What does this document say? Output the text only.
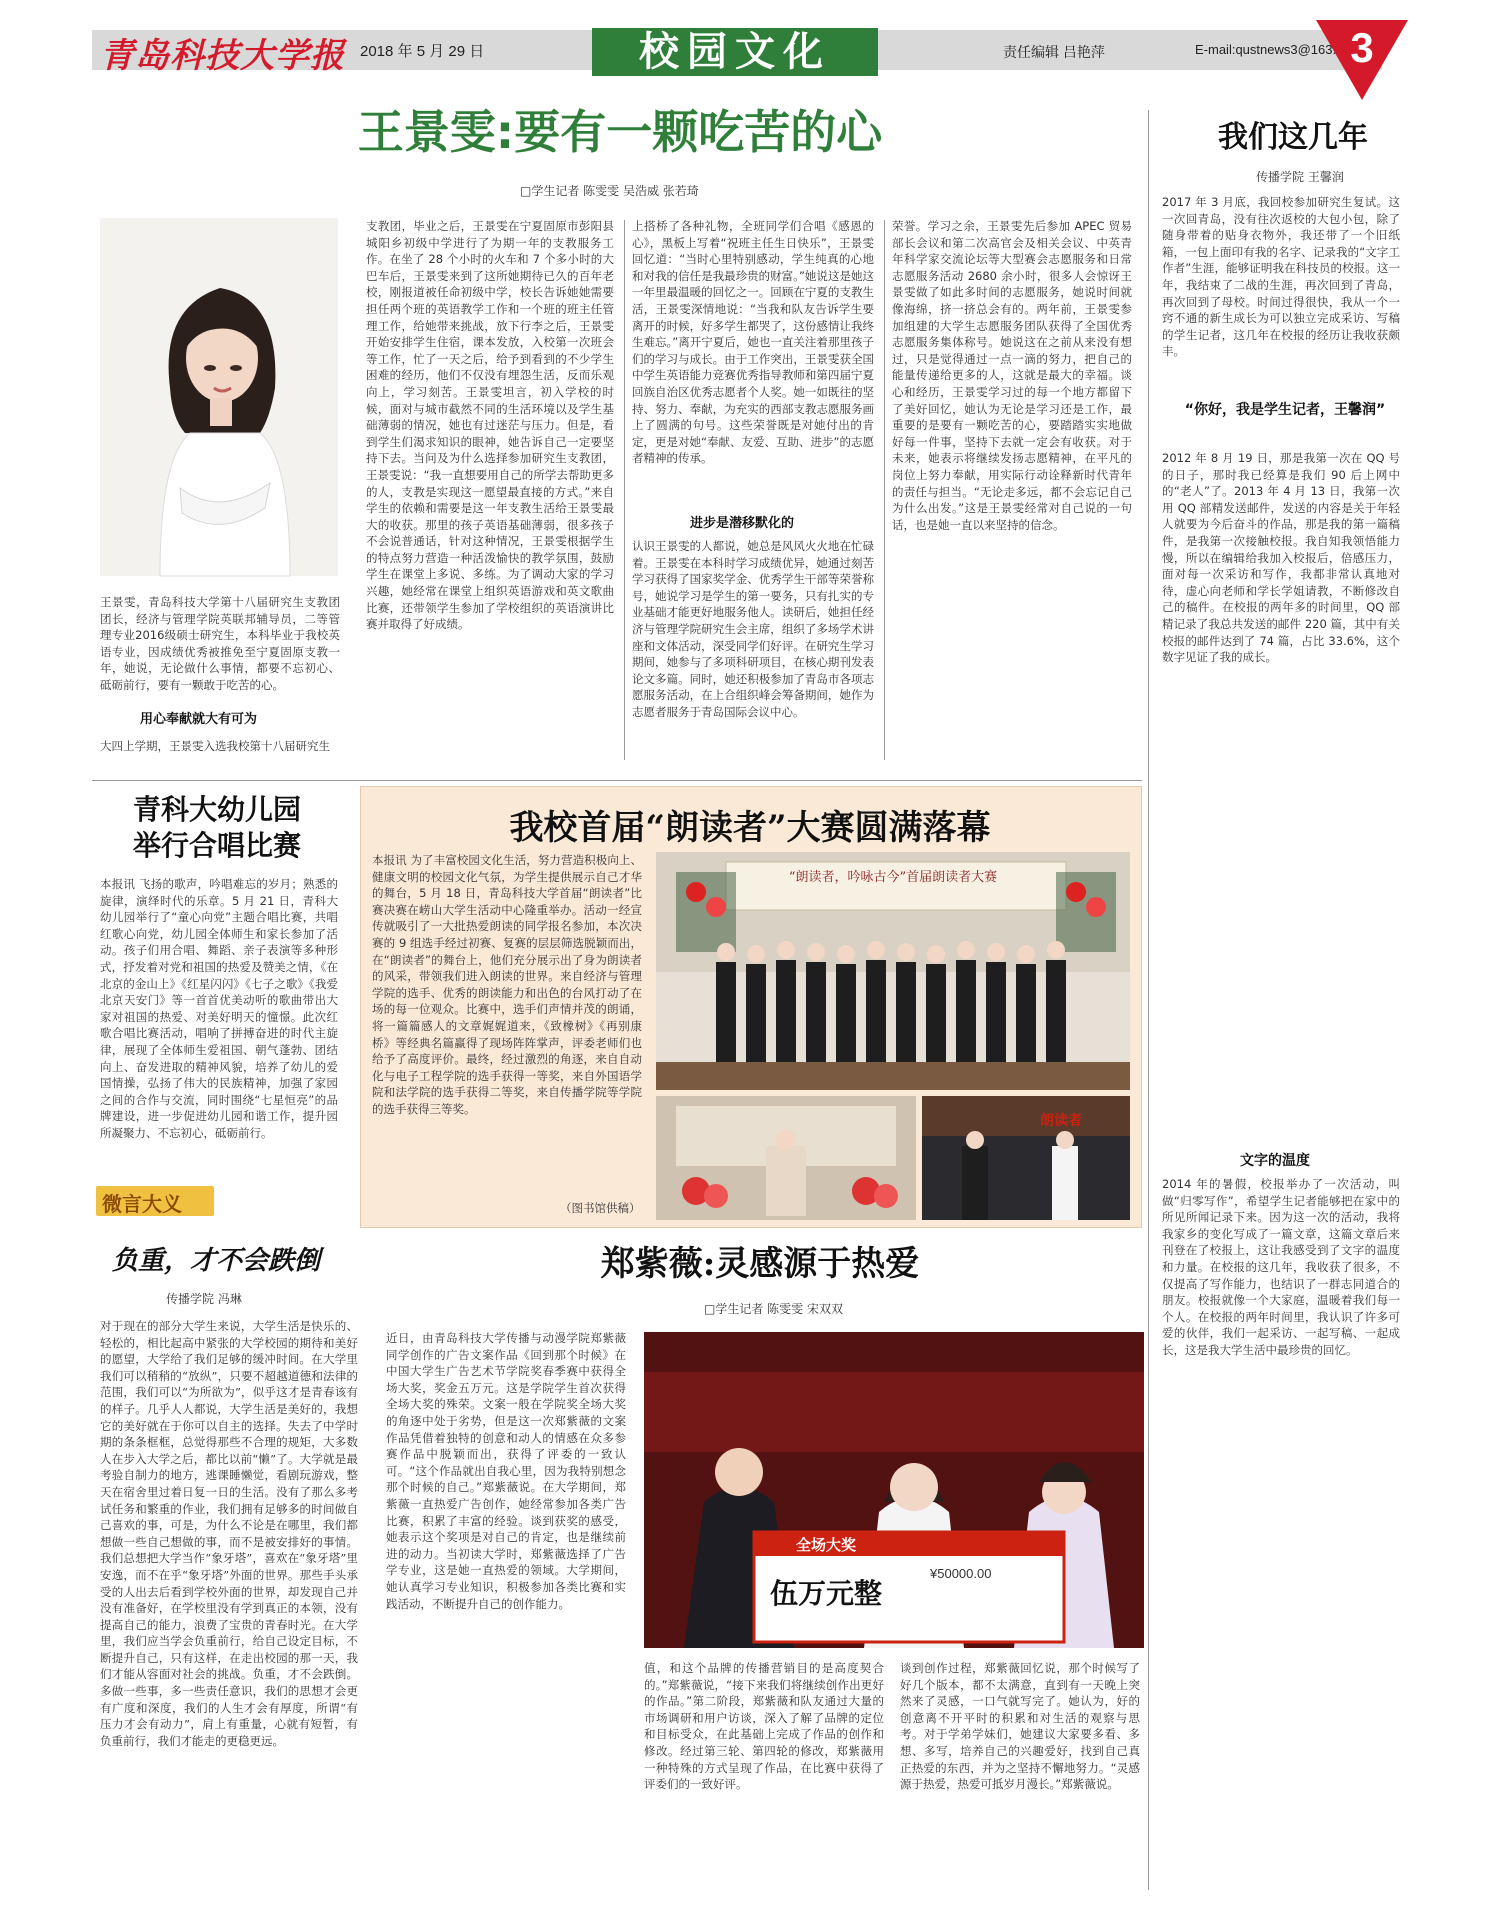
青岛科技大学报 2018 年 5 月 29 日	校园文化	责任编辑 吕艳萍	E-mail:qustnews3@163.com
3
王景雯:要有一颗吃苦的心
□学生记者 陈雯雯 吴浩威 张若琦
王景雯，青岛科技大学第十八届研究生支教团团长，经济与管理学院英联邦辅导员，二等管理专业2016级硕士研究生，本科毕业于我校英语专业，因成绩优秀被推免至宁夏固原支教一年，她说，无论做什么事情，都要不忘初心、砥砺前行，要有一颗敢于吃苦的心。
用心奉献就大有可为
大四上学期，王景雯入选我校第十八届研究生
支教团，毕业之后，王景雯在宁夏固原市彭阳县城阳乡初级中学进行了为期一年的支教服务工作。在坐了 28 个小时的火车和 7 个多小时的大巴车后，王景雯来到了这所她期待已久的百年老校，刚报道被任命初级中学，校长告诉她她需要担任两个班的英语教学工作和一个班的班主任管理工作，给她带来挑战，放下行李之后，王景雯开始安排学生住宿，课本发放，入校第一次班会等工作，忙了一天之后，给予到看到的不少学生困难的经历，他们不仅没有埋怨生活，反而乐观向上，学习刻苦。王景雯坦言，初入学校的时候，面对与城市截然不同的生活环境以及学生基础薄弱的情况，她也有过迷茫与压力。但是，看到学生们渴求知识的眼神，她告诉自己一定要坚持下去。当问及为什么选择参加研究生支教团，王景雯说：“我一直想要用自己的所学去帮助更多的人，支教是实现这一愿望最直接的方式。”来自学生的依赖和需要是这一年支教生活给王景雯最大的收获。那里的孩子英语基础薄弱，很多孩子不会说普通话，针对这种情况，王景雯根据学生的特点努力营造一种活泼愉快的教学氛围，鼓励学生在课堂上多说、多练。为了调动大家的学习兴趣，她经常在课堂上组织英语游戏和英文歌曲比赛，还带领学生参加了学校组织的英语演讲比赛并取得了好成绩。
上搭桥了各种礼物，全班同学们合唱《感恩的心》，黑板上写着“祝班主任生日快乐”，王景雯回忆道：“当时心里特别感动，学生纯真的心地和对我的信任是我最珍贵的财富。”她说这是她这一年里最温暖的回忆之一。回顾在宁夏的支教生活，王景雯深情地说：“当我和队友告诉学生要离开的时候，好多学生都哭了，这份感情让我终生难忘。”离开宁夏后，她也一直关注着那里孩子们的学习与成长。由于工作突出，王景雯获全国中学生英语能力竞赛优秀指导教师和第四届宁夏回族自治区优秀志愿者个人奖。她一如既往的坚持、努力、奉献，为充实的西部支教志愿服务画上了圆满的句号。这些荣誉既是对她付出的肯定，更是对她“奉献、友爱、互助、进步”的志愿者精神的传承。
进步是潜移默化的
认识王景雯的人都说，她总是风风火火地在忙碌着。王景雯在本科时学习成绩优异，她通过刻苦学习获得了国家奖学金、优秀学生干部等荣誉称号，她说学习是学生的第一要务，只有扎实的专业基础才能更好地服务他人。读研后，她担任经济与管理学院研究生会主席，组织了多场学术讲座和文体活动，深受同学们好评。在研究生学习期间，她参与了多项科研项目，在核心期刊发表论文多篇。同时，她还积极参加了青岛市各项志愿服务活动，在上合组织峰会筹备期间，她作为志愿者服务于青岛国际会议中心。
荣誉。学习之余，王景雯先后参加 APEC 贸易部长会议和第二次高官会及相关会议、中英青年科学家交流论坛等大型赛会志愿服务和日常志愿服务活动 2680 余小时，很多人会惊讶王景雯做了如此多时间的志愿服务，她说时间就像海绵，挤一挤总会有的。两年前，王景雯参加组建的大学生志愿服务团队获得了全国优秀志愿服务集体称号。她说这在之前从来没有想过，只是觉得通过一点一滴的努力，把自己的能量传递给更多的人，这就是最大的幸福。谈心和经历，王景雯学习过的每一个地方都留下了美好回忆，她认为无论是学习还是工作，最重要的是要有一颗吃苦的心，要踏踏实实地做好每一件事，坚持下去就一定会有收获。对于未来，她表示将继续发扬志愿精神，在平凡的岗位上努力奉献，用实际行动诠释新时代青年的责任与担当。“无论走多远，都不会忘记自己为什么出发。”这是王景雯经常对自己说的一句话，也是她一直以来坚持的信念。
我们这几年
传播学院 王馨润
2017 年 3 月底，我回校参加研究生复试。这一次回青岛，没有往次返校的大包小包，除了随身带着的贴身衣物外，我还带了一个旧纸箱，一包上面印有我的名字、记录我的“文字工作者”生涯，能够证明我在科技员的校报。这一年，我结束了二战的生涯，再次回到了青岛，再次回到了母校。时间过得很快，我从一个一窍不通的新生成长为可以独立完成采访、写稿的学生记者，这几年在校报的经历让我收获颇丰。
“你好，我是学生记者，王馨润”
2012 年 8 月 19 日，那是我第一次在 QQ 号的日子，那时我已经算是我们 90 后上网中的“老人”了。2013 年 4 月 13 日，我第一次用 QQ 部精发送邮件，发送的内容是关于年轻人就要为今后奋斗的作品，那是我的第一篇稿件，是我第一次接触校报。我自知我领悟能力慢，所以在编辑给我加入校报后，倍感压力，面对每一次采访和写作，我都非常认真地对待，虚心向老师和学长学姐请教，不断修改自己的稿件。在校报的两年多的时间里，QQ 部精记录了我总共发送的邮件 220 篇，其中有关校报的邮件达到了 74 篇，占比 33.6%，这个数字见证了我的成长。
文字的温度
2014 年的暑假，校报举办了一次活动，叫做“归零写作”，希望学生记者能够把在家中的所见所闻记录下来。因为这一次的活动，我将我家乡的变化写成了一篇文章，这篇文章后来刊登在了校报上，这让我感受到了文字的温度和力量。在校报的这几年，我收获了很多，不仅提高了写作能力，也结识了一群志同道合的朋友。校报就像一个大家庭，温暖着我们每一个人。在校报的两年时间里，我认识了许多可爱的伙伴，我们一起采访、一起写稿、一起成长，这是我大学生活中最珍贵的回忆。
青科大幼儿园
举行合唱比赛
本报讯 飞扬的歌声，吟唱难忘的岁月；熟悉的旋律，演绎时代的乐章。5 月 21 日，青科大幼儿园举行了“童心向党”主题合唱比赛，共唱红歌心向党，幼儿园全体师生和家长参加了活动。孩子们用合唱、舞蹈、亲子表演等多种形式，抒发着对党和祖国的热爱及赞美之情，《在北京的金山上》《红星闪闪》《七子之歌》《我爱北京天安门》等一首首优美动听的歌曲带出大家对祖国的热爱、对美好明天的憧憬。此次红歌合唱比赛活动，唱响了拼搏奋进的时代主旋律，展现了全体师生爱祖国、朝气蓬勃、团结向上、奋发进取的精神风貌，培养了幼儿的爱国情操，弘扬了伟大的民族精神，加强了家园之间的合作与交流，同时围绕“七星恒亮”的品牌建设，进一步促进幼儿园和谐工作，提升园所凝聚力、不忘初心，砥砺前行。
微言大义
负重，才不会跌倒
传播学院 冯琳
对于现在的部分大学生来说，大学生活是快乐的、轻松的，相比起高中紧张的大学校园的期待和美好的愿望，大学给了我们足够的缓冲时间。在大学里我们可以稍稍的“放纵”，只要不超越道德和法律的范围，我们可以“为所欲为”，似乎这才是青春该有的样子。几乎人人都说，大学生活是美好的，我想它的美好就在于你可以自主的选择。失去了中学时期的条条框框，总觉得那些不合理的规矩，大多数人在步入大学之后，都比以前“懒”了。大学就是最考验自制力的地方，逃课睡懒觉，看剧玩游戏，整天在宿舍里过着日复一日的生活。没有了那么多考试任务和繁重的作业，我们拥有足够多的时间做自己喜欢的事，可是，为什么不论是在哪里，我们都想做一些自己想做的事，而不是被安排好的事情。我们总想把大学当作“象牙塔”，喜欢在“象牙塔”里安逸，而不在乎“象牙塔”外面的世界。那些手头承受的人出去后看到学校外面的世界，却发现自己并没有准备好，在学校里没有学到真正的本领，没有提高自己的能力，浪费了宝贵的青春时光。在大学里，我们应当学会负重前行，给自己设定目标，不断提升自己，只有这样，在走出校园的那一天，我们才能从容面对社会的挑战。负重，才不会跌倒。多做一些事，多一些责任意识，我们的思想才会更有广度和深度，我们的人生才会有厚度，所谓“有压力才会有动力”，肩上有重量，心就有短暂，有负重前行，我们才能走的更稳更远。
我校首届“朗读者”大赛圆满落幕
本报讯 为了丰富校园文化生活，努力营造积极向上、健康文明的校园文化气氛，为学生提供展示自己才华的舞台，5 月 18 日，青岛科技大学首届“朗读者”比赛决赛在崂山大学生活动中心隆重举办。活动一经宣传就吸引了一大批热爱朗读的同学报名参加，本次决赛的 9 组选手经过初赛、复赛的层层筛选脱颖而出，在“朗读者”的舞台上，他们充分展示出了身为朗读者的风采，带领我们进入朗读的世界。来自经济与管理学院的选手、优秀的朗读能力和出色的台风打动了在场的每一位观众。比赛中，选手们声情并茂的朗诵，将一篇篇感人的文章娓娓道来，《致橡树》《再别康桥》等经典名篇赢得了现场阵阵掌声，评委老师们也给予了高度评价。最终，经过激烈的角逐，来自自动化与电子工程学院的选手获得一等奖，来自外国语学院和法学院的选手获得二等奖，来自传播学院等学院的选手获得三等奖。
（图书馆供稿）
“朗读者，吟咏古今”首届朗读者大赛
朗读者
郑紫薇:灵感源于热爱
□学生记者 陈雯雯 宋双双
近日，由青岛科技大学传播与动漫学院郑紫薇同学创作的广告文案作品《回到那个时候》在中国大学生广告艺术节学院奖春季赛中获得全场大奖，奖金五万元。这是学院学生首次获得全场大奖的殊荣。文案一般在学院奖全场大奖的角逐中处于劣势，但是这一次郑紫薇的文案作品凭借着独特的创意和动人的情感在众多参赛作品中脱颖而出，获得了评委的一致认可。“这个作品就出自我心里，因为我特别想念那个时候的自己。”郑紫薇说。在大学期间，郑紫薇一直热爱广告创作，她经常参加各类广告比赛，积累了丰富的经验。谈到获奖的感受，她表示这个奖项是对自己的肯定，也是继续前进的动力。当初读大学时，郑紫薇选择了广告学专业，这是她一直热爱的领域。大学期间，她认真学习专业知识，积极参加各类比赛和实践活动，不断提升自己的创作能力。
全场大奖
伍万元整
¥50000.00
值，和这个品牌的传播营销目的是高度契合的。”郑紫薇说，“接下来我们将继续创作出更好的作品。”第二阶段，郑紫薇和队友通过大量的市场调研和用户访谈，深入了解了品牌的定位和目标受众，在此基础上完成了作品的创作和修改。经过第三轮、第四轮的修改，郑紫薇用一种特殊的方式呈现了作品，在比赛中获得了评委们的一致好评。
谈到创作过程，郑紫薇回忆说，那个时候写了好几个版本，都不太满意，直到有一天晚上突然来了灵感，一口气就写完了。她认为，好的创意离不开平时的积累和对生活的观察与思考。对于学弟学妹们，她建议大家要多看、多想、多写，培养自己的兴趣爱好，找到自己真正热爱的东西，并为之坚持不懈地努力。“灵感源于热爱，热爱可抵岁月漫长。”郑紫薇说。
